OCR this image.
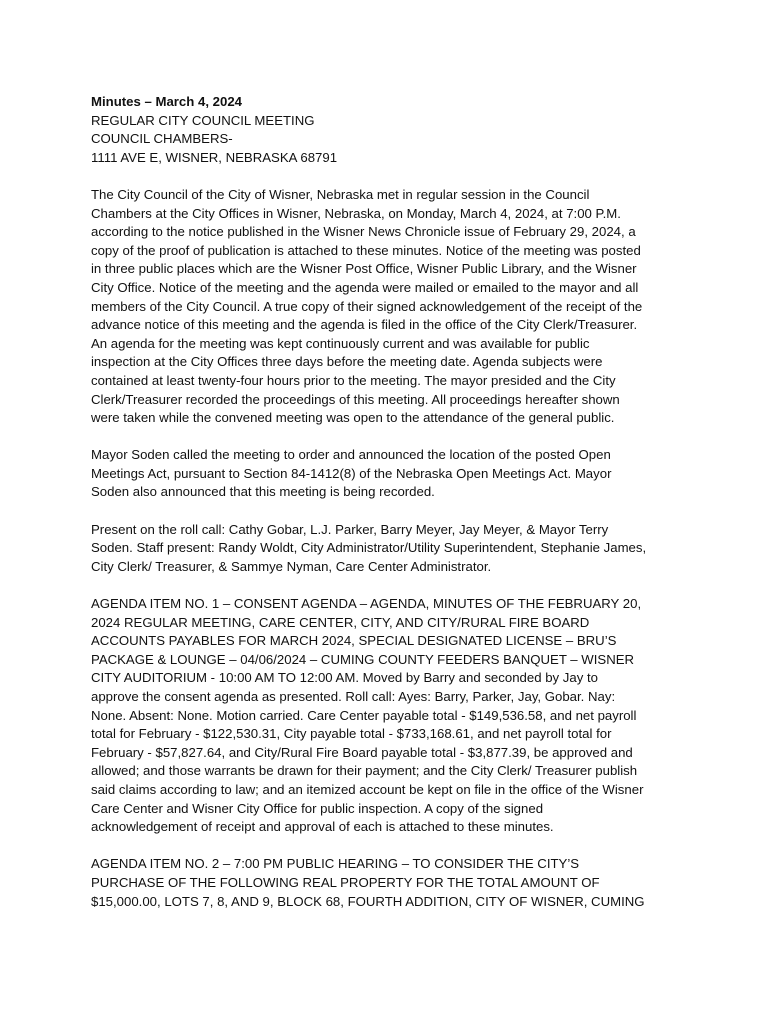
Minutes – March 4, 2024
REGULAR CITY COUNCIL MEETING
COUNCIL CHAMBERS-
1111 AVE E, WISNER, NEBRASKA 68791
The City Council of the City of Wisner, Nebraska met in regular session in the Council
Chambers at the City Offices in Wisner, Nebraska, on Monday, March 4, 2024, at 7:00 P.M.
according to the notice published in the Wisner News Chronicle issue of February 29, 2024, a
copy of the proof of publication is attached to these minutes. Notice of the meeting was posted
in three public places which are the Wisner Post Office, Wisner Public Library, and the Wisner
City Office. Notice of the meeting and the agenda were mailed or emailed to the mayor and all
members of the City Council. A true copy of their signed acknowledgement of the receipt of the
advance notice of this meeting and the agenda is filed in the office of the City Clerk/Treasurer.
An agenda for the meeting was kept continuously current and was available for public
inspection at the City Offices three days before the meeting date. Agenda subjects were
contained at least twenty-four hours prior to the meeting. The mayor presided and the City
Clerk/Treasurer recorded the proceedings of this meeting. All proceedings hereafter shown
were taken while the convened meeting was open to the attendance of the general public.
Mayor Soden called the meeting to order and announced the location of the posted Open
Meetings Act, pursuant to Section 84-1412(8) of the Nebraska Open Meetings Act. Mayor
Soden also announced that this meeting is being recorded.
Present on the roll call: Cathy Gobar, L.J. Parker, Barry Meyer, Jay Meyer, & Mayor Terry
Soden. Staff present: Randy Woldt, City Administrator/Utility Superintendent, Stephanie James,
City Clerk/ Treasurer, & Sammye Nyman, Care Center Administrator.
AGENDA ITEM NO. 1 – CONSENT AGENDA – AGENDA, MINUTES OF THE FEBRUARY 20,
2024 REGULAR MEETING, CARE CENTER, CITY, AND CITY/RURAL FIRE BOARD
ACCOUNTS PAYABLES FOR MARCH 2024, SPECIAL DESIGNATED LICENSE – BRU’S
PACKAGE & LOUNGE – 04/06/2024 – CUMING COUNTY FEEDERS BANQUET – WISNER
CITY AUDITORIUM - 10:00 AM TO 12:00 AM. Moved by Barry and seconded by Jay to
approve the consent agenda as presented. Roll call: Ayes: Barry, Parker, Jay, Gobar. Nay:
None. Absent: None. Motion carried. Care Center payable total - $149,536.58, and net payroll
total for February - $122,530.31, City payable total - $733,168.61, and net payroll total for
February - $57,827.64, and City/Rural Fire Board payable total - $3,877.39, be approved and
allowed; and those warrants be drawn for their payment; and the City Clerk/ Treasurer publish
said claims according to law; and an itemized account be kept on file in the office of the Wisner
Care Center and Wisner City Office for public inspection. A copy of the signed
acknowledgement of receipt and approval of each is attached to these minutes.
AGENDA ITEM NO. 2 – 7:00 PM PUBLIC HEARING – TO CONSIDER THE CITY’S
PURCHASE OF THE FOLLOWING REAL PROPERTY FOR THE TOTAL AMOUNT OF
$15,000.00, LOTS 7, 8, AND 9, BLOCK 68, FOURTH ADDITION, CITY OF WISNER, CUMING
